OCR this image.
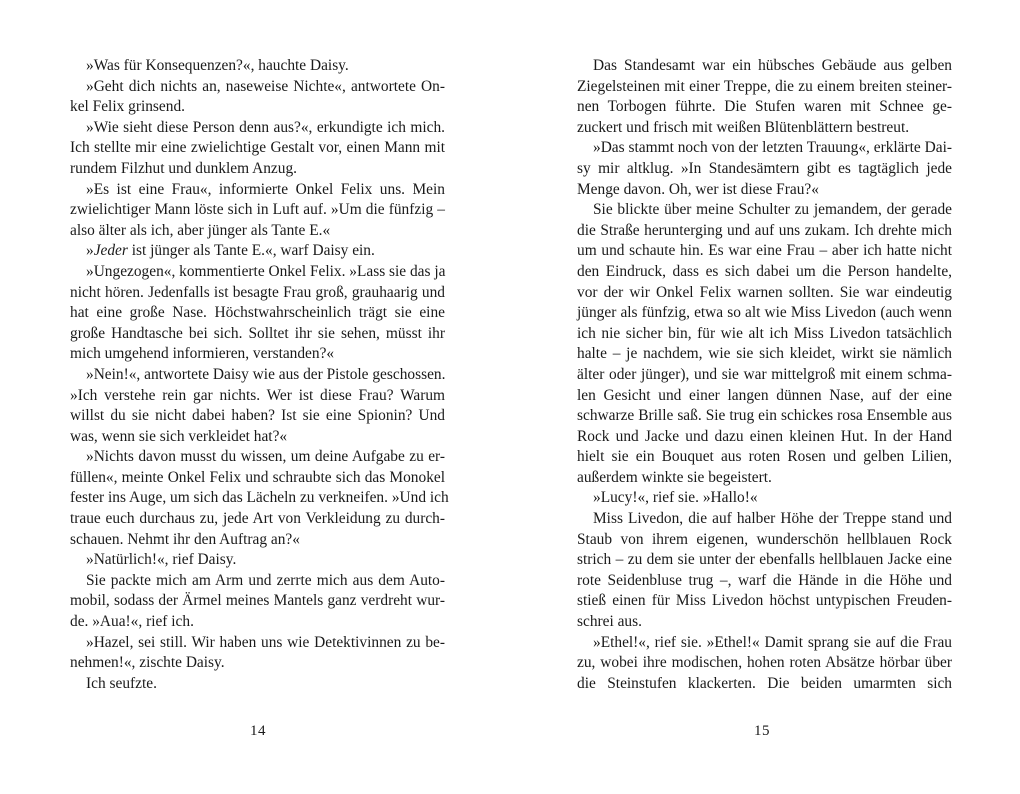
»Was für Konsequenzen?«, hauchte Daisy.
»Geht dich nichts an, naseweise Nichte«, antwortete On-
kel Felix grinsend.
»Wie sieht diese Person denn aus?«, erkundigte ich mich.
Ich stellte mir eine zwielichtige Gestalt vor, einen Mann mit
rundem Filzhut und dunklem Anzug.
»Es ist eine Frau«, informierte Onkel Felix uns. Mein
zwielichtiger Mann löste sich in Luft auf. »Um die fünfzig –
also älter als ich, aber jünger als Tante E.«
»Jeder ist jünger als Tante E.«, warf Daisy ein.
»Ungezogen«, kommentierte Onkel Felix. »Lass sie das ja
nicht hören. Jedenfalls ist besagte Frau groß, grauhaarig und
hat eine große Nase. Höchstwahrscheinlich trägt sie eine
große Handtasche bei sich. Solltet ihr sie sehen, müsst ihr
mich umgehend informieren, verstanden?«
»Nein!«, antwortete Daisy wie aus der Pistole geschossen.
»Ich verstehe rein gar nichts. Wer ist diese Frau? Warum
willst du sie nicht dabei haben? Ist sie eine Spionin? Und
was, wenn sie sich verkleidet hat?«
»Nichts davon musst du wissen, um deine Aufgabe zu er-
füllen«, meinte Onkel Felix und schraubte sich das Monokel
fester ins Auge, um sich das Lächeln zu verkneifen. »Und ich
traue euch durchaus zu, jede Art von Verkleidung zu durch-
schauen. Nehmt ihr den Auftrag an?«
»Natürlich!«, rief Daisy.
Sie packte mich am Arm und zerrte mich aus dem Auto-
mobil, sodass der Ärmel meines Mantels ganz verdreht wur-
de. »Aua!«, rief ich.
»Hazel, sei still. Wir haben uns wie Detektivinnen zu be-
nehmen!«, zischte Daisy.
Ich seufzte.
14
Das Standesamt war ein hübsches Gebäude aus gelben
Ziegelsteinen mit einer Treppe, die zu einem breiten steiner-
nen Torbogen führte. Die Stufen waren mit Schnee ge-
zuckert und frisch mit weißen Blütenblättern bestreut.
»Das stammt noch von der letzten Trauung«, erklärte Dai-
sy mir altklug. »In Standesämtern gibt es tagtäglich jede
Menge davon. Oh, wer ist diese Frau?«
Sie blickte über meine Schulter zu jemandem, der gerade
die Straße herunterging und auf uns zukam. Ich drehte mich
um und schaute hin. Es war eine Frau – aber ich hatte nicht
den Eindruck, dass es sich dabei um die Person handelte,
vor der wir Onkel Felix warnen sollten. Sie war eindeutig
jünger als fünfzig, etwa so alt wie Miss Livedon (auch wenn
ich nie sicher bin, für wie alt ich Miss Livedon tatsächlich
halte – je nachdem, wie sie sich kleidet, wirkt sie nämlich
älter oder jünger), und sie war mittelgroß mit einem schma-
len Gesicht und einer langen dünnen Nase, auf der eine
schwarze Brille saß. Sie trug ein schickes rosa Ensemble aus
Rock und Jacke und dazu einen kleinen Hut. In der Hand
hielt sie ein Bouquet aus roten Rosen und gelben Lilien,
außerdem winkte sie begeistert.
»Lucy!«, rief sie. »Hallo!«
Miss Livedon, die auf halber Höhe der Treppe stand und
Staub von ihrem eigenen, wunderschön hellblauen Rock
strich – zu dem sie unter der ebenfalls hellblauen Jacke eine
rote Seidenbluse trug –, warf die Hände in die Höhe und
stieß einen für Miss Livedon höchst untypischen Freuden-
schrei aus.
»Ethel!«, rief sie. »Ethel!« Damit sprang sie auf die Frau
zu, wobei ihre modischen, hohen roten Absätze hörbar über
die Steinstufen klackerten. Die beiden umarmten sich
15
